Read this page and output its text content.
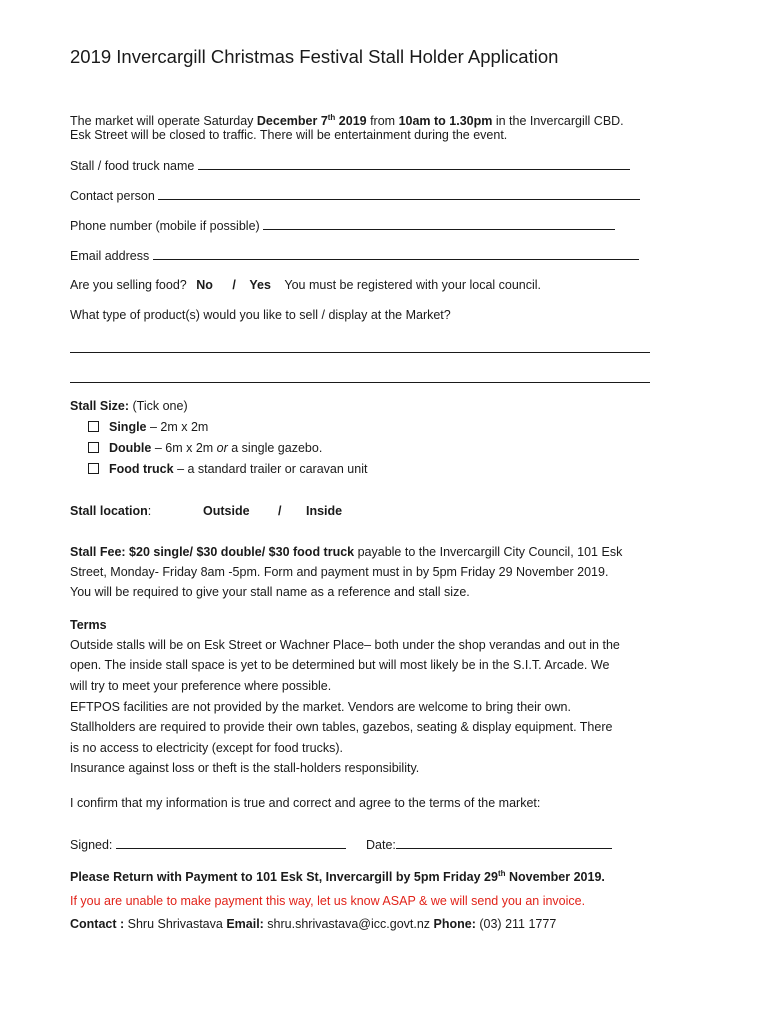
2019 Invercargill Christmas Festival Stall Holder Application
The market will operate Saturday December 7th 2019 from 10am to 1.30pm in the Invercargill CBD.
Esk Street will be closed to traffic. There will be entertainment during the event.
Stall / food truck name
Contact person
Phone number (mobile if possible)
Email address
Are you selling food? No / Yes You must be registered with your local council.
What type of product(s) would you like to sell / display at the Market?
Stall Size: (Tick one)
Single – 2m x 2m
Double – 6m x 2m or a single gazebo.
Food truck – a standard trailer or caravan unit
Stall location:	Outside / Inside
Stall Fee: $20 single/ $30 double/ $30 food truck payable to the Invercargill City Council, 101 Esk
Street, Monday- Friday 8am -5pm. Form and payment must in by 5pm Friday 29 November 2019.
You will be required to give your stall name as a reference and stall size.
Terms
Outside stalls will be on Esk Street or Wachner Place– both under the shop verandas and out in the
open. The inside stall space is yet to be determined but will most likely be in the S.I.T. Arcade. We
will try to meet your preference where possible.
EFTPOS facilities are not provided by the market. Vendors are welcome to bring their own.
Stallholders are required to provide their own tables, gazebos, seating & display equipment. There
is no access to electricity (except for food trucks).
Insurance against loss or theft is the stall-holders responsibility.
I confirm that my information is true and correct and agree to the terms of the market:
Signed:	Date:
Please Return with Payment to 101 Esk St, Invercargill by 5pm Friday 29th November 2019.
If you are unable to make payment this way, let us know ASAP & we will send you an invoice.
Contact : Shru Shrivastava Email: shru.shrivastava@icc.govt.nz Phone: (03) 211 1777
